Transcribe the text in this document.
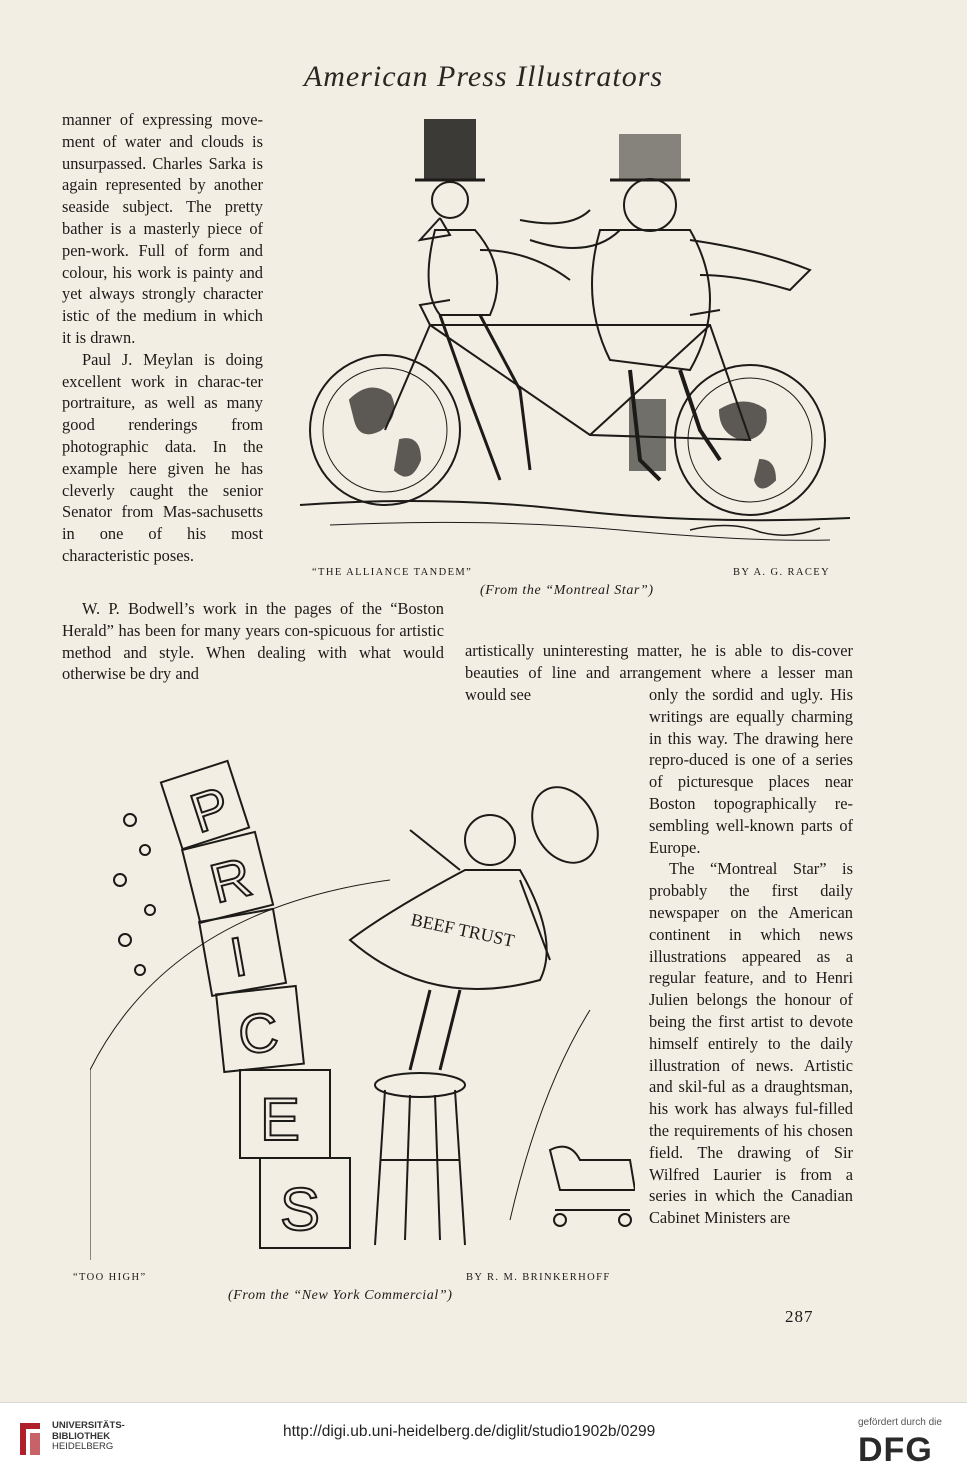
American Press Illustrators

manner of expressing move-ment of water and clouds is unsurpassed. Charles Sarka is again represented by another seaside subject. The pretty bather is a masterly piece of pen-work. Full of form and colour, his work is painty and yet always strongly character istic of the medium in which it is drawn.

Paul J. Meylan is doing excellent work in charac-ter portraiture, as well as many good renderings from photographic data. In the example here given he has cleverly caught the senior Senator from Mas-sachusetts in one of his most characteristic poses.

W. P. Bodwell’s work in the pages of the “Boston Herald” has been for many years con-spicuous for artistic method and style. When dealing with what would otherwise be dry and

“THE ALLIANCE TANDEM”	BY A. G. RACEY
(From the “Montreal Star”)

artistically uninteresting matter, he is able to dis-cover beauties of line and arrangement where a lesser man would see	only the sordid and ugly. His writings are equally charming in this way. The drawing here repro-duced is one of a series of picturesque places near Boston topographically re-sembling well-known parts of Europe.

The “Montreal Star” is probably the first daily newspaper on the American continent in which news illustrations appeared as a regular feature, and to Henri Julien belongs the honour of being the first artist to devote himself entirely to the daily illustration of news. Artistic and skil-ful as a draughtsman, his work has always ful-filled the requirements of his chosen field. The drawing of Sir Wilfred Laurier is from a series in which the Canadian Cabinet Ministers are

P
R
I
C
E
S
BEEF TRUST
“TOO HIGH”	BY R. M. BRINKERHOFF
(From the “New York Commercial”)
287
UNIVERSITÄTS-
BIBLIOTHEK
HEIDELBERG
http://digi.ub.uni-heidelberg.de/diglit/studio1902b/0299
gefördert durch die
DFG
